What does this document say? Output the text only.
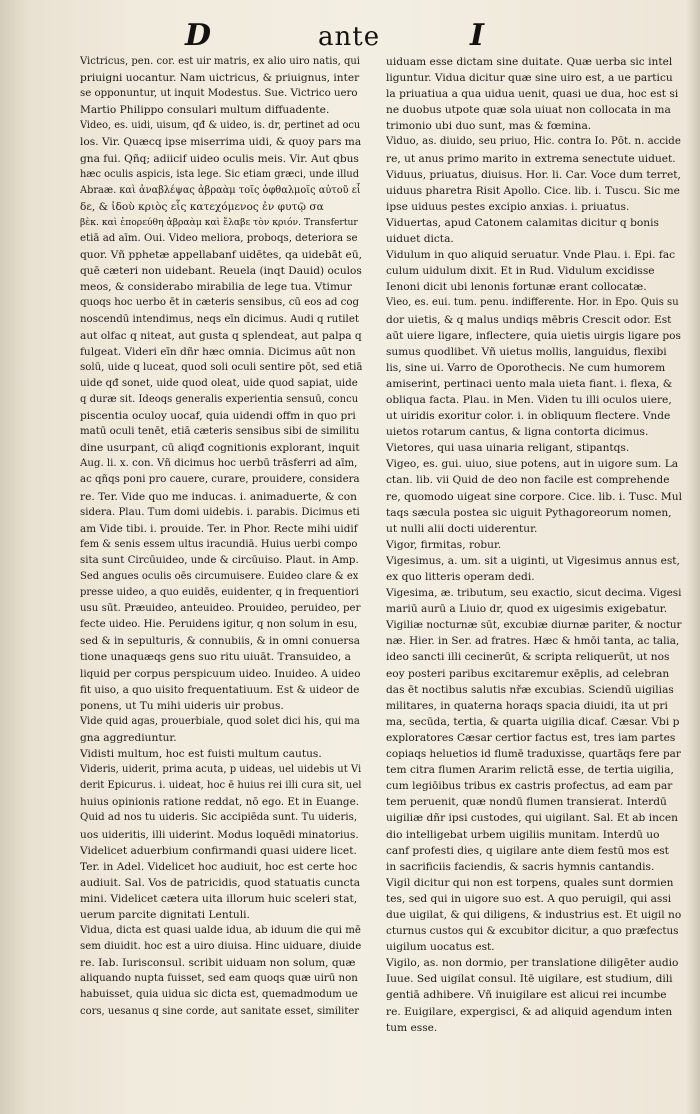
D	ante	I

Victricus, pen. cor. est uir matris, ex alio uiro natis, qui

priuigni uocantur. Nam uictricus, & priuignus, inter

se opponuntur, ut inquit Modestus. Sue. Victrico uero

Martio Philippo consulari multum diffuadente.

Video, es. uidi, uisum, qđ & uideo, is. dr, pertinet ad ocu

los. Vir. Quæcq ipse miserrima uidi, & quoy pars ma

gna fui. Qñq; adiicif uideo oculis meis. Vir. Aut qbus

hæc oculis aspicis, ista lege. Sic etiam græci, unde illud

Abraæ. καὶ ἀναβλέψας ἀβραὰμ τοῖς ὀφθαλμοῖς αὐτοῦ εἶ

δε, & ἰδοὺ κριὸς εἷς κατεχόμενος ἐν φυτῷ σα

βὲκ. καὶ ἐπορεύθη ἀβραὰμ καὶ ἔλαβε τὸν κριόν. Transfertur

etiā ad aīm. Oui. Video meliora, proboqs, deteriora se

quor. Vñ pphetæ appellabanf uidētes, qa uidebāt eū,

quē cæteri non uidebant. Reuela (inqt Dauid) oculos

meos, & considerabo mirabilia de lege tua. Vtimur

quoqs hoc uerbo ēt in cæteris sensibus, cū eos ad cog

noscendū intendimus, neqs eīn dicimus. Audi q rutilet

aut olfac q niteat, aut gusta q splendeat, aut palpa q

fulgeat. Videri eīn dñr hæc omnia. Dicimus aūt non

solū, uide q luceat, quod soli oculi sentire pōt, sed etiā

uide qđ sonet, uide quod oleat, uide quod sapiat, uide

q duræ sit. Ideoqs generalis experientia sensuū, concu

piscentia oculoy uocaf, quia uidendi offm in quo pri

matū oculi tenēt, etiā cæteris sensibus sibi de similitu

dine usurpant, cū aliqđ cognitionis explorant, inquit

Aug. li. x. con. Vñ dicimus hoc uerbū trāsferri ad aīm,

ac qñqs poni pro cauere, curare, prouidere, considera

re. Ter. Vide quo me inducas. i. animaduerte, & con

sidera. Plau. Tum domi uidebis. i. parabis. Dicimus eti

am Vide tibi. i. prouide. Ter. in Phor. Recte mihi uidif

fem & senis essem ultus iracundiā. Huius uerbi compo

sita sunt Circūuideo, unde & circūuiso. Plaut. in Amp.

Sed angues oculis oēs circumuisere. Euideo clare & ex

presse uideo, a quo euidēs, euidenter, q in frequentiori

usu sūt. Præuideo, anteuideo. Prouideo, peruideo, per

fecte uideo. Hie. Peruidens igitur, q non solum in esu,

sed & in sepulturis, & connubiis, & in omni conuersa

tione unaquæqs gens suo ritu uiuāt. Transuideo, a

liquid per corpus perspicuum uideo. Inuideo. A uideo

fit uiso, a quo uisito frequentatiuum. Est & uideor de

ponens, ut Tu mihi uideris uir probus.

Vide quid agas, prouerbiale, quod solet dici his, qui ma

gna aggrediuntur.

Vidisti multum, hoc est fuisti multum cautus.

Videris, uiderit, prima acuta, p uideas, uel uidebis ut Vi

derit Epicurus. i. uideat, hoc ē huius rei illi cura sit, uel

huius opinionis ratione reddat, nō ego. Et in Euange.

Quid ad nos tu uideris. Sic accipiēda sunt. Tu uideris,

uos uideritis, illi uiderint. Modus loquēdi minatorius.

Videlicet aduerbium confirmandi quasi uidere licet.

Ter. in Adel. Videlicet hoc audiuit, hoc est certe hoc

audiuit. Sal. Vos de patricidis, quod statuatis cuncta

mini. Videlicet cætera uita illorum huic sceleri stat,

uerum parcite dignitati Lentuli.

Vidua, dicta est quasi ualde idua, ab iduum die qui mē

sem diuidit. hoc est a uiro diuisa. Hinc uiduare, diuide

re. Iab. Iurisconsul. scribit uiduam non solum, quæ

aliquando nupta fuisset, sed eam quoqs quæ uirū non

habuisset, quia uidua sic dicta est, quemadmodum ue

cors, uesanus q sine corde, aut sanitate esset, similiter

uiduam esse dictam sine duitate. Quæ uerba sic intel

liguntur. Vidua dicitur quæ sine uiro est, a ue particu

la priuatiua a qua uidua uenit, quasi ue dua, hoc est si

ne duobus utpote quæ sola uiuat non collocata in ma

trimonio ubi duo sunt, mas & fœmina.

Viduo, as. diuido, seu priuo, Hic. contra Io. Pōt. n. accide

re, ut anus primo marito in extrema senectute uiduet.

Viduus, priuatus, diuisus. Hor. li. Car. Voce dum terret,

uiduus pharetra Risit Apollo. Cice. lib. i. Tuscu. Sic me

ipse uiduus pestes excipio anxias. i. priuatus.

Viduertas, apud Catonem calamitas dicitur q bonis

uiduet dicta.

Vidulum in quo aliquid seruatur. Vnde Plau. i. Epi. fac

culum uidulum dixit. Et in Rud. Vidulum excidisse

Ienoni dicit ubi lenonis fortunæ erant collocatæ.

Vieo, es. eui. tum. penu. indifferente. Hor. in Epo. Quis su

dor uietis, & q malus undiqs mēbris Crescit odor. Est

aūt uiere ligare, inflectere, quia uietis uirgis ligare pos

sumus quodlibet. Vñ uietus mollis, languidus, flexibi

lis, sine ui. Varro de Oporothecis. Ne cum humorem

amiserint, pertinaci uento mala uieta fiant. i. flexa, &

obliqua facta. Plau. in Men. Viden tu illi oculos uiere,

ut uiridis exoritur color. i. in obliquum flectere. Vnde

uietos rotarum cantus, & ligna contorta dicimus.

Vietores, qui uasa uinaria religant, stipantqs.

Vigeo, es. gui. uiuo, siue potens, aut in uigore sum. La

ctan. lib. vii Quid de deo non facile est comprehende

re, quomodo uigeat sine corpore. Cice. lib. i. Tusc. Mul

taqs sæcula postea sic uiguit Pythagoreorum nomen,

ut nulli alii docti uiderentur.

Vigor, firmitas, robur.

Vigesimus, a. um. sit a uiginti, ut Vigesimus annus est,

ex quo litteris operam dedi.

Vigesima, æ. tributum, seu exactio, sicut decima. Vigesi

mariū aurū a Liuio dr, quod ex uigesimis exigebatur.

Vigiliæ nocturnæ sūt, excubiæ diurnæ pariter, & noctur

næ. Hier. in Ser. ad fratres. Hæc & hmōi tanta, ac talia,

ideo sancti illi cecinerūt, & scripta reliquerūt, ut nos

eoy posteri paribus excitaremur exēplis, ad celebran

das ēt noctibus salutis nřæ excubias. Sciendū uigilias

militares, in quaterna horaqs spacia diuidi, ita ut pri

ma, secūda, tertia, & quarta uigilia dicaf. Cæsar. Vbi p

exploratores Cæsar certior factus est, tres iam partes

copiaqs heluetios id flumē traduxisse, quartāqs fere par

tem citra flumen Ararim relictā esse, de tertia uigilia,

cum legiōibus tribus ex castris profectus, ad eam par

tem peruenit, quæ nondū flumen transierat. Interdū

uigiliæ dñr ipsi custodes, qui uigilant. Sal. Et ab incen

dio intelligebat urbem uigiliis munitam. Interdū uo

canf profesti dies, q uigilare ante diem festū mos est

in sacrificiis faciendis, & sacris hymnis cantandis.

Vigil dicitur qui non est torpens, quales sunt dormien

tes, sed qui in uigore suo est. A quo peruigil, qui assi

due uigilat, & qui diligens, & industrius est. Et uigil no

cturnus custos qui & excubitor dicitur, a quo præfectus

uigilum uocatus est.

Vigilo, as. non dormio, per translatione diligēter audio

Iuue. Sed uigilat consul. Itē uigilare, est studium, dili

gentiā adhibere. Vñ inuigilare est alicui rei incumbe

re. Euigilare, expergisci, & ad aliquid agendum inten

tum esse.
